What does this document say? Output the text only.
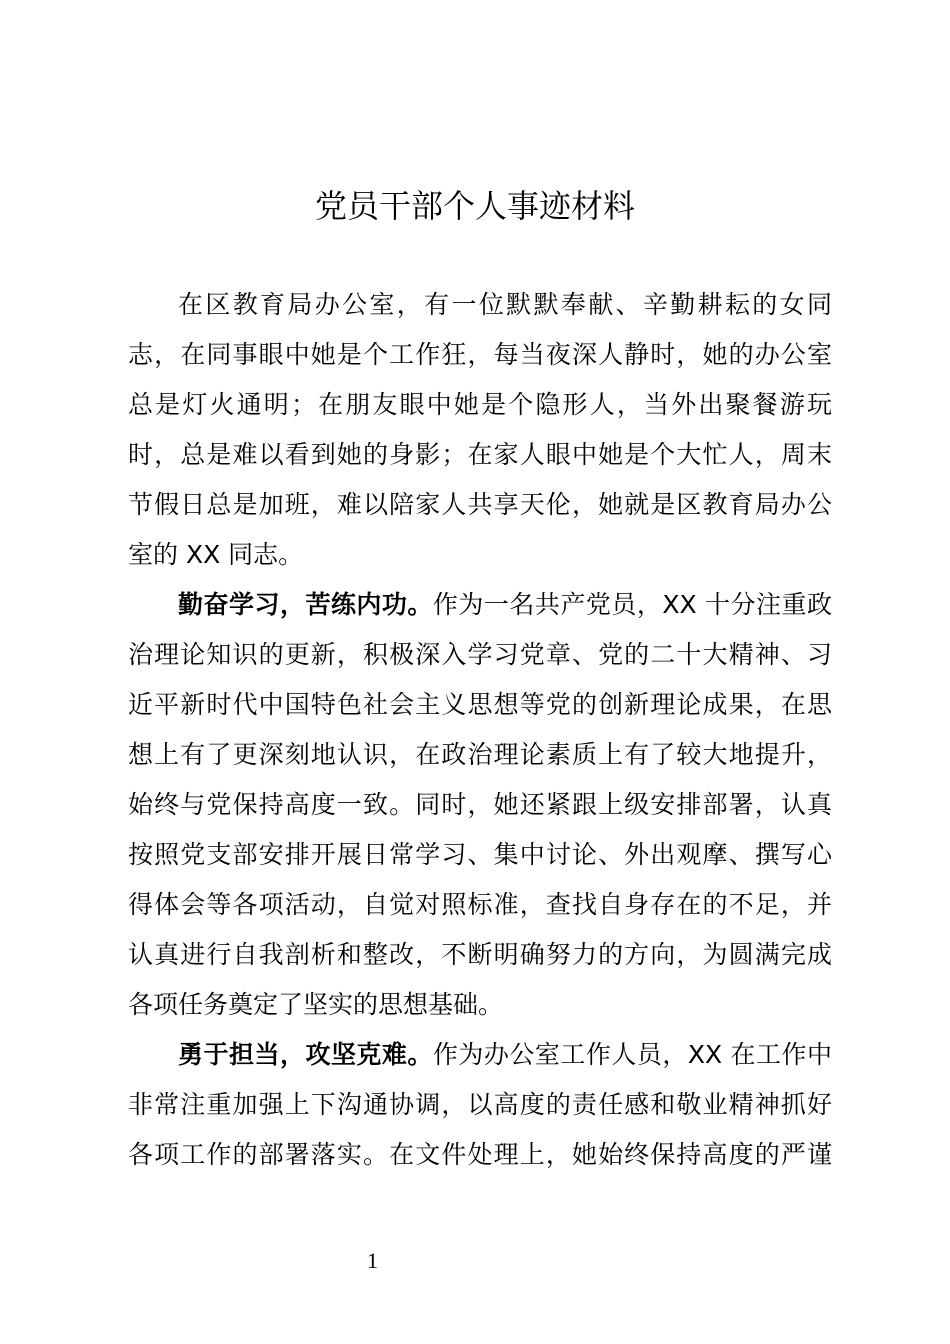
党员干部个人事迹材料
在区教育局办公室，有一位默默奉献、辛勤耕耘的女同
志，在同事眼中她是个工作狂，每当夜深人静时，她的办公室
总是灯火通明；在朋友眼中她是个隐形人，当外出聚餐游玩
时，总是难以看到她的身影；在家人眼中她是个大忙人，周末
节假日总是加班，难以陪家人共享天伦，她就是区教育局办公
室的 XX 同志。
勤奋学习，苦练内功。作为一名共产党员，XX 十分注重政
治理论知识的更新，积极深入学习党章、党的二十大精神、习
近平新时代中国特色社会主义思想等党的创新理论成果，在思
想上有了更深刻地认识，在政治理论素质上有了较大地提升，
始终与党保持高度一致。同时，她还紧跟上级安排部署，认真
按照党支部安排开展日常学习、集中讨论、外出观摩、撰写心
得体会等各项活动，自觉对照标准，查找自身存在的不足，并
认真进行自我剖析和整改，不断明确努力的方向，为圆满完成
各项任务奠定了坚实的思想基础。
勇于担当，攻坚克难。作为办公室工作人员，XX 在工作中
非常注重加强上下沟通协调，以高度的责任感和敬业精神抓好
各项工作的部署落实。在文件处理上，她始终保持高度的严谨
1
